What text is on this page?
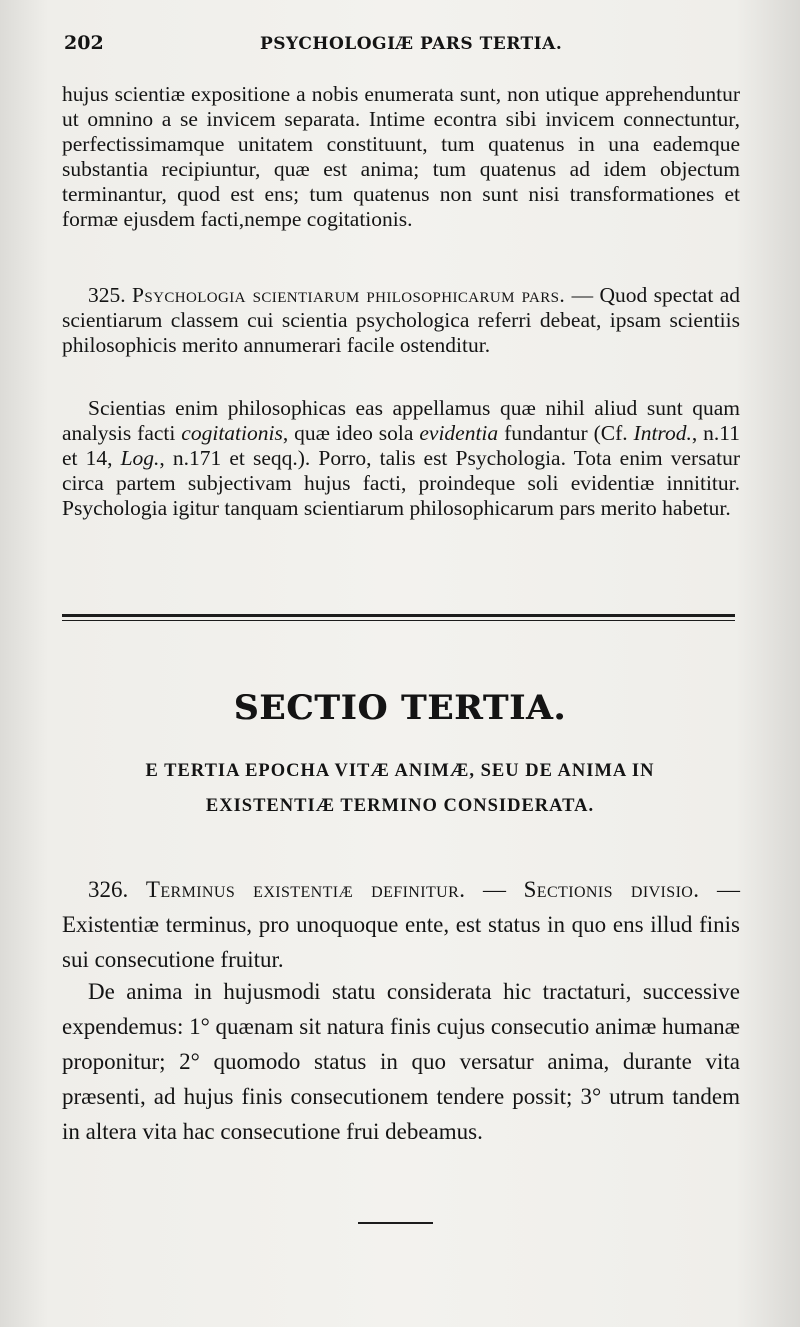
202	PSYCHOLOGIÆ PARS TERTIA.

hujus scientiæ expositione a nobis enumerata sunt, non utique apprehenduntur ut omnino a se invicem separata. Intime econtra sibi invicem connectuntur, perfectissimamque unitatem constituunt, tum quatenus in una eademque substantia recipiuntur, quæ est anima; tum quatenus ad idem objectum terminantur, quod est ens; tum quatenus non sunt nisi transformationes et formæ ejusdem facti,nempe cogitationis.

325. Psychologia scientiarum philosophicarum pars. — Quod spectat ad scientiarum classem cui scientia psychologica referri debeat, ipsam scientiis philosophicis merito annumerari facile ostenditur.

Scientias enim philosophicas eas appellamus quæ nihil aliud sunt quam analysis facti cogitationis, quæ ideo sola evidentia fundantur (Cf. Introd., n.11 et 14, Log., n.171 et seqq.). Porro, talis est Psychologia. Tota enim versatur circa partem subjectivam hujus facti, proindeque soli evidentiæ innititur. Psychologia igitur tanquam scientiarum philosophicarum pars merito habetur.

SECTIO TERTIA.
E TERTIA EPOCHA VITÆ ANIMÆ, SEU DE ANIMA IN
EXISTENTIÆ TERMINO CONSIDERATA.

326. Terminus existentiæ definitur. — Sectionis divisio. — Existentiæ terminus, pro unoquoque ente, est status in quo ens illud finis sui consecutione fruitur.

De anima in hujusmodi statu considerata hic tractaturi, successive expendemus: 1° quænam sit natura finis cujus consecutio animæ humanæ proponitur; 2° quomodo status in quo versatur anima, durante vita præsenti, ad hujus finis consecutionem tendere possit; 3° utrum tandem in altera vita hac consecutione frui debeamus.
